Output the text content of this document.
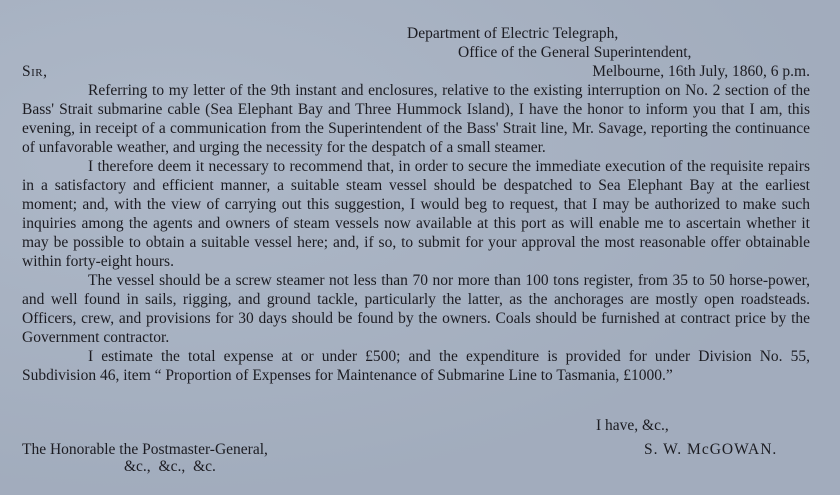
Department of Electric Telegraph,
Office of the General Superintendent,
Sir,	Melbourne, 16th July, 1860, 6 p.m.

Referring to my letter of the 9th instant and enclosures, relative to the existing interruption on No. 2 section of the Bass' Strait submarine cable (Sea Elephant Bay and Three Hummock Island), I have the honor to inform you that I am, this evening, in receipt of a communication from the Superintendent of the Bass' Strait line, Mr. Savage, reporting the continuance of unfavorable weather, and urging the necessity for the despatch of a small steamer.

I therefore deem it necessary to recommend that, in order to secure the immediate execution of the requisite repairs in a satisfactory and efficient manner, a suitable steam vessel should be despatched to Sea Elephant Bay at the earliest moment; and, with the view of carrying out this suggestion, I would beg to request, that I may be authorized to make such inquiries among the agents and owners of steam vessels now available at this port as will enable me to ascertain whether it may be possible to obtain a suitable vessel here; and, if so, to submit for your approval the most reasonable offer obtainable within forty-eight hours.

The vessel should be a screw steamer not less than 70 nor more than 100 tons register, from 35 to 50 horse-power, and well found in sails, rigging, and ground tackle, particularly the latter, as the anchorages are mostly open roadsteads. Officers, crew, and provisions for 30 days should be found by the owners. Coals should be furnished at contract price by the Government contractor.

I estimate the total expense at or under £500; and the expenditure is provided for under Division No. 55, Subdivision 46, item “ Proportion of Expenses for Maintenance of Submarine Line to Tasmania, £1000.”

I have, &c.,
S. W. McGOWAN.
The Honorable the Postmaster-General,
&c., &c., &c.
